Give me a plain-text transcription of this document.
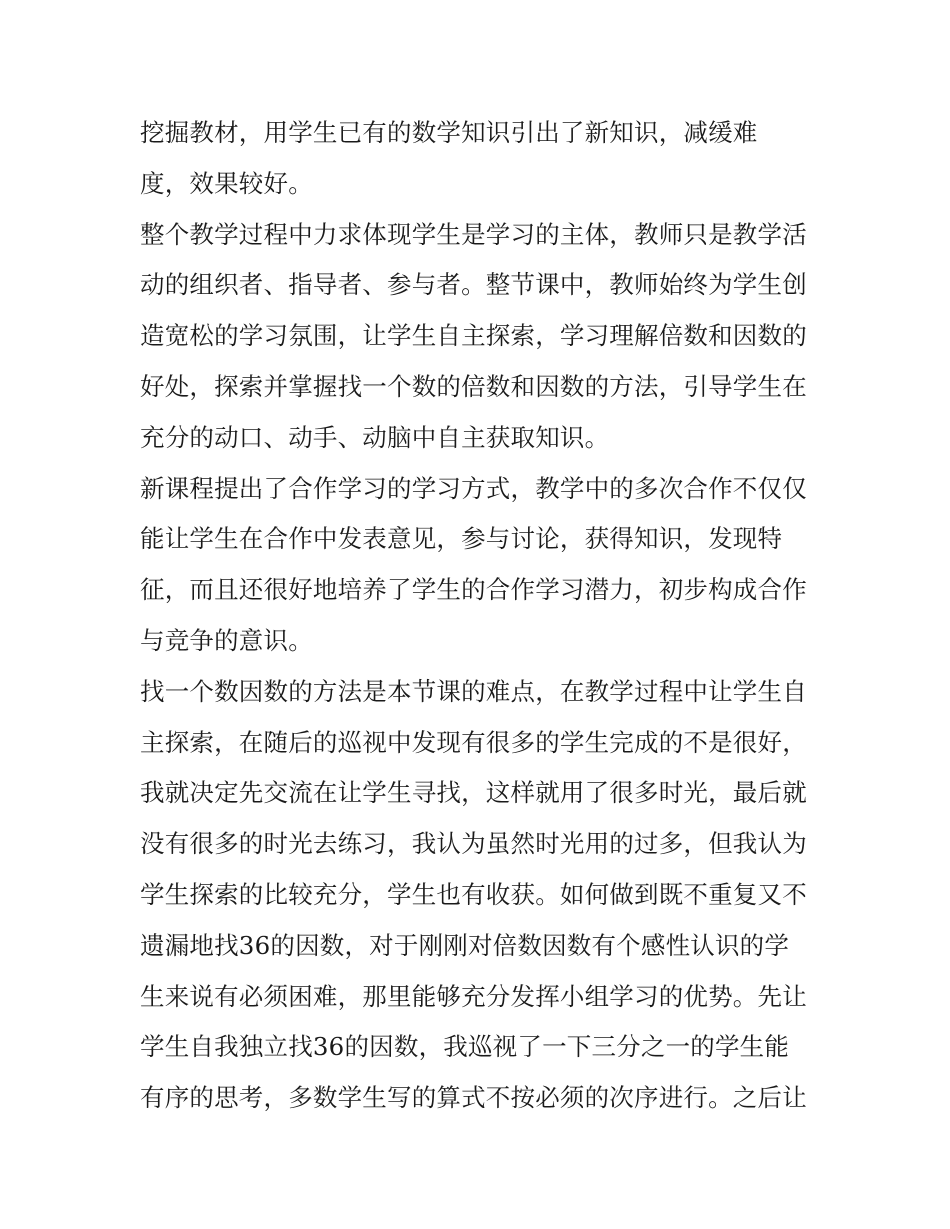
挖掘教材，用学生已有的数学知识引出了新知识，减缓难
度，效果较好。
整个教学过程中力求体现学生是学习的主体，教师只是教学活
动的组织者、指导者、参与者。整节课中，教师始终为学生创
造宽松的学习氛围，让学生自主探索，学习理解倍数和因数的
好处，探索并掌握找一个数的倍数和因数的方法，引导学生在
充分的动口、动手、动脑中自主获取知识。
新课程提出了合作学习的学习方式，教学中的多次合作不仅仅
能让学生在合作中发表意见，参与讨论，获得知识，发现特
征，而且还很好地培养了学生的合作学习潜力，初步构成合作
与竞争的意识。
找一个数因数的方法是本节课的难点，在教学过程中让学生自
主探索，在随后的巡视中发现有很多的学生完成的不是很好，
我就决定先交流在让学生寻找，这样就用了很多时光，最后就
没有很多的时光去练习，我认为虽然时光用的过多，但我认为
学生探索的比较充分，学生也有收获。如何做到既不重复又不
遗漏地找36的因数，对于刚刚对倍数因数有个感性认识的学
生来说有必须困难，那里能够充分发挥小组学习的优势。先让
学生自我独立找36的因数，我巡视了一下三分之一的学生能
有序的思考，多数学生写的算式不按必须的次序进行。之后让
